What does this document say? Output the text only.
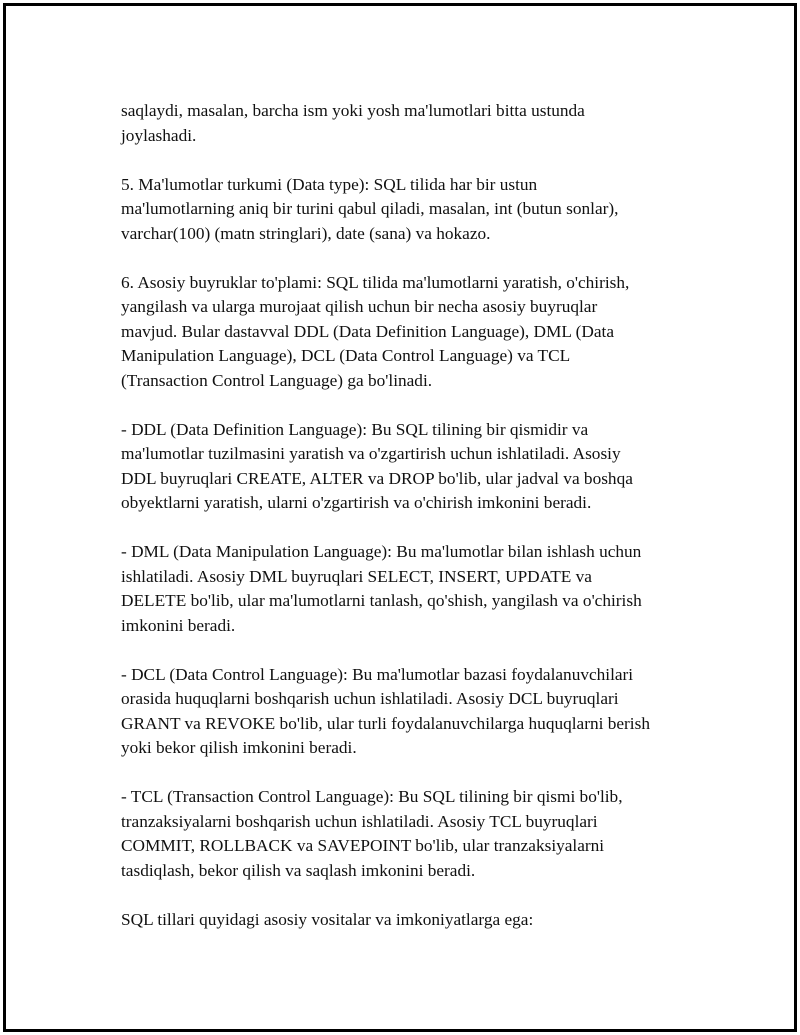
saqlaydi, masalan, barcha ism yoki yosh ma'lumotlari bitta ustunda
joylashadi.

5. Ma'lumotlar turkumi (Data type): SQL tilida har bir ustun
ma'lumotlarning aniq bir turini qabul qiladi, masalan, int (butun sonlar),
varchar(100) (matn stringlari), date (sana) va hokazo.

6. Asosiy buyruklar to'plami: SQL tilida ma'lumotlarni yaratish, o'chirish,
yangilash va ularga murojaat qilish uchun bir necha asosiy buyruqlar
mavjud. Bular dastavval DDL (Data Definition Language), DML (Data
Manipulation Language), DCL (Data Control Language) va TCL
(Transaction Control Language) ga bo'linadi.

- DDL (Data Definition Language): Bu SQL tilining bir qismidir va
ma'lumotlar tuzilmasini yaratish va o'zgartirish uchun ishlatiladi. Asosiy
DDL buyruqlari CREATE, ALTER va DROP bo'lib, ular jadval va boshqa
obyektlarni yaratish, ularni o'zgartirish va o'chirish imkonini beradi.

- DML (Data Manipulation Language): Bu ma'lumotlar bilan ishlash uchun
ishlatiladi. Asosiy DML buyruqlari SELECT, INSERT, UPDATE va
DELETE bo'lib, ular ma'lumotlarni tanlash, qo'shish, yangilash va o'chirish
imkonini beradi.

- DCL (Data Control Language): Bu ma'lumotlar bazasi foydalanuvchilari
orasida huquqlarni boshqarish uchun ishlatiladi. Asosiy DCL buyruqlari
GRANT va REVOKE bo'lib, ular turli foydalanuvchilarga huquqlarni berish
yoki bekor qilish imkonini beradi.

- TCL (Transaction Control Language): Bu SQL tilining bir qismi bo'lib,
tranzaksiyalarni boshqarish uchun ishlatiladi. Asosiy TCL buyruqlari
COMMIT, ROLLBACK va SAVEPOINT bo'lib, ular tranzaksiyalarni
tasdiqlash, bekor qilish va saqlash imkonini beradi.

SQL tillari quyidagi asosiy vositalar va imkoniyatlarga ega:
